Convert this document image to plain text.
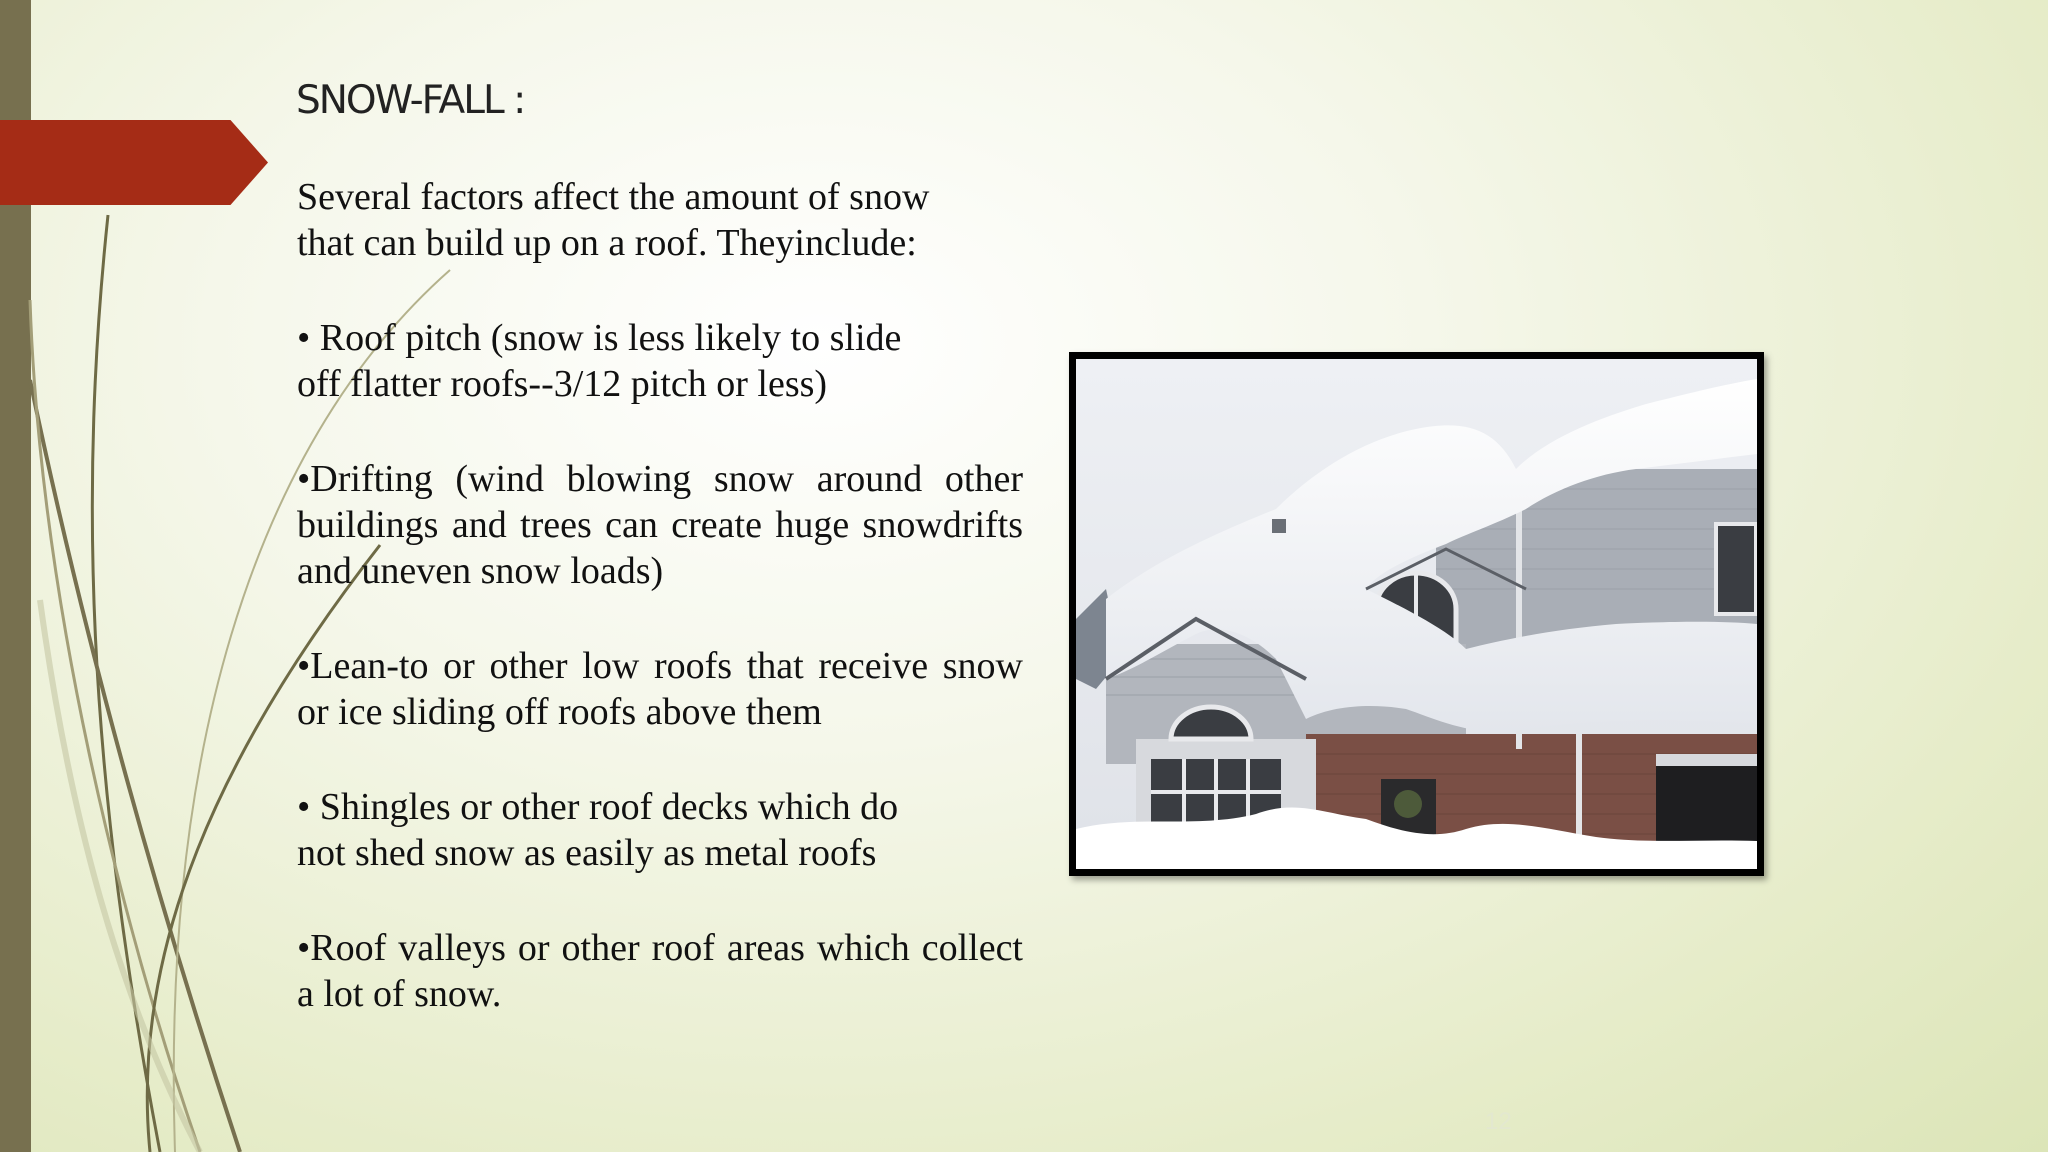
SNOW-FALL :
Several factors affect the amount of snow
that can build up on a roof. Theyinclude:
• Roof pitch (snow is less likely to slide
off flatter roofs--3/12 pitch or less)
•Drifting (wind blowing snow around other buildings and trees can create huge snowdrifts and uneven snow loads)
•Lean-to or other low roofs that receive snow or ice sliding off roofs above them
• Shingles or other roof decks which do
not shed snow as easily as metal roofs
•Roof valleys or other roof areas which collect a lot of snow.
12
